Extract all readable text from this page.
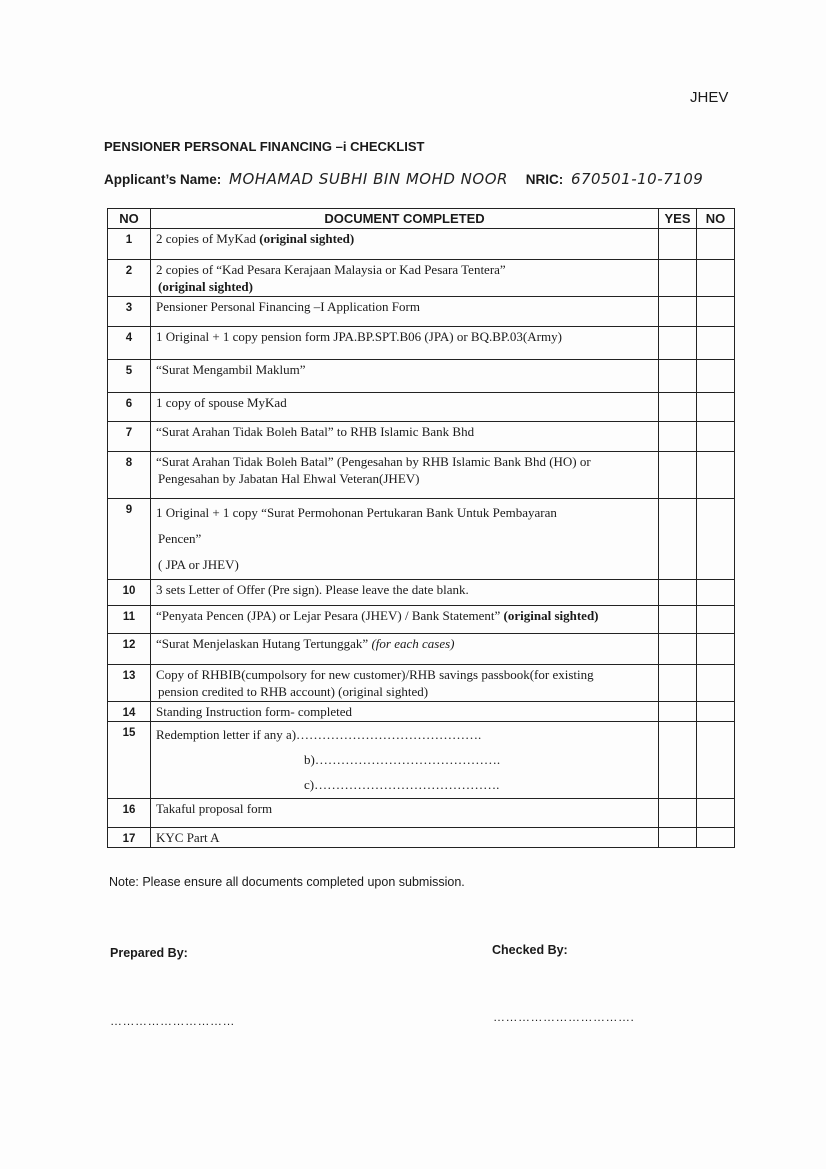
JHEV
PENSIONER PERSONAL FINANCING –i CHECKLIST
Applicant’s Name: MOHAMAD SUBHI BIN MOHD NOOR NRIC: 670501-10-7109
NO	DOCUMENT COMPLETED	YES	NO
1	2 copies of MyKad (original sighted)		
2	2 copies of “Kad Pesara Kerajaan Malaysia or Kad Pesara Tentera”
(original sighted)		

3	Pensioner Personal Financing –I Application Form		
4	1 Original + 1 copy pension form JPA.BP.SPT.B06 (JPA) or BQ.BP.03(Army)		
5	“Surat Mengambil Maklum”		
6	1 copy of spouse MyKad		
7	“Surat Arahan Tidak Boleh Batal” to RHB Islamic Bank Bhd		
8	“Surat Arahan Tidak Boleh Batal” (Pengesahan by RHB Islamic Bank Bhd (HO) or
Pengesahan by Jabatan Hal Ehwal Veteran(JHEV)		

9	1 Original + 1 copy “Surat Permohonan Pertukaran Bank Untuk Pembayaran
Pencen”
( JPA or JHEV)		

10	3 sets Letter of Offer (Pre sign). Please leave the date blank.		
11	“Penyata Pencen (JPA) or Lejar Pesara (JHEV) / Bank Statement” (original sighted)		
12	“Surat Menjelaskan Hutang Tertunggak” (for each cases)		
13	Copy of RHBIB(cumpolsory for new customer)/RHB savings passbook(for existing
pension credited to RHB account) (original sighted)		

14	Standing Instruction form- completed		
15	Redemption letter if any a)…………………………………….
b)…………………………………….
c)…………………………………….		

16	Takaful proposal form		
17	KYC Part A		
Note: Please ensure all documents completed upon submission.
Prepared By:	Checked By:
…………………………	…………………………….
